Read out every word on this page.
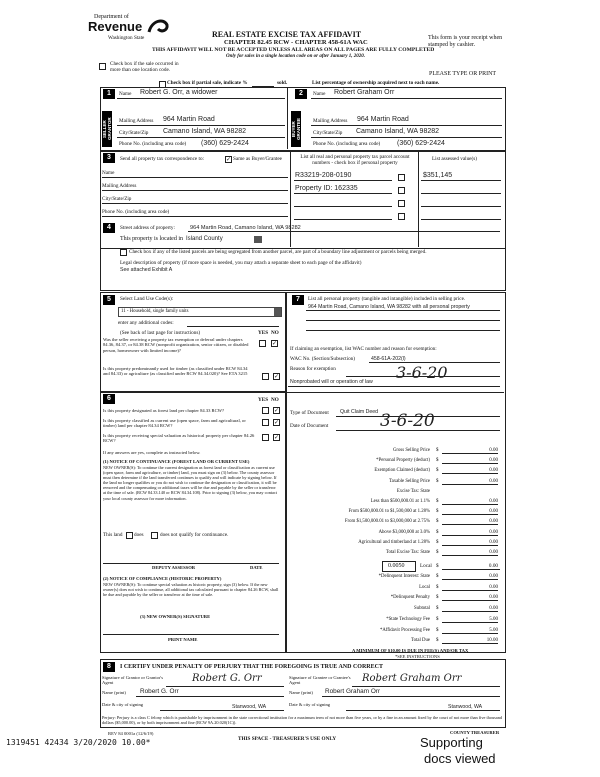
Department of
Revenue
Washington State	REAL ESTATE EXCISE TAX AFFIDAVIT
CHAPTER 82.45 RCW - CHAPTER 458-61A WAC
THIS AFFIDAVIT WILL NOT BE ACCEPTED UNLESS ALL AREAS ON ALL PAGES ARE FULLY COMPLETED
Only for sales in a single location code on or after January 1, 2020.
This form is your receipt when stamped by cashier.
PLEASE TYPE OR PRINT
Check box if the sale occurred in more than one location code.
Check box if partial sale, indicate %	sold.	List percentage of ownership acquired next to each name.
1
SELLER GRANTOR
Name Robert G. Orr, a widower
Mailing Address 964 Martin Road
City/State/Zip Camano Island, WA 98282
Phone No. (including area code) (360) 629-2424
2
BUYER GRANTEE
Name Robert Graham Orr
Mailing Address 964 Martin Road
City/State/Zip Camano Island, WA 98282
Phone No. (including area code) (360) 629-2424
3	Send all property tax correspondence to:	✓ Same as Buyer/Grantee
Name
Mailing Address
City/State/Zip
Phone No. (including area code)
List all real and personal property tax parcel account numbers - check box if personal property
List assessed value(s)
R33219-208-0190	$351,145
Property ID: 162335
4	Street address of property:	964 Martin Road, Camano Island, WA 98282
This property is located in Island County
Check box if any of the listed parcels are being segregated from another parcel, are part of a boundary line adjustment or parcels being merged.
Legal description of property (if more space is needed, you may attach a separate sheet to each page of the affidavit)
See attached Exhibit A
5	Select Land Use Code(s):
11 - Household, single family units
enter any additional codes:
(See back of last page for instructions)	YES NO
Was the seller receiving a property tax exemption or deferral under chapters 84.36, 84.37, or 84.38 RCW (nonprofit organization, senior citizen, or disabled person, homeowner with limited income)?
✓
Is this property predominantly used for timber (as classified under RCW 84.34 and 84.33) or agriculture (as classified under RCW 84.34.020)? See ETA 3215	✓
6	YES NO
Is this property designated as forest land per chapter 84.33 RCW?	✓
Is this property classified as current use (open space, farm and agricultural, or timber) land per chapter 84.34 RCW?	✓
Is this property receiving special valuation as historical property per chapter 84.26 RCW?	✓
If any answers are yes, complete as instructed below.
(1) NOTICE OF CONTINUANCE (FOREST LAND OR CURRENT USE)
NEW OWNER(S): To continue the current designation as forest land or classification as current use (open space, farm and agriculture, or timber) land, you must sign on (3) below. The county assessor must then determine if the land transferred continues to qualify and will indicate by signing below. If the land no longer qualifies or you do not wish to continue the designation or classification, it will be removed and the compensating or additional taxes will be due and payable by the seller or transferor at the time of sale. (RCW 84.33.140 or RCW 84.34.108). Prior to signing (3) below, you may contact your local county assessor for more information.
This land does	does not qualify for continuance.
DEPUTY ASSESSOR	DATE
(2) NOTICE OF COMPLIANCE (HISTORIC PROPERTY)
NEW OWNER(S): To continue special valuation as historic property, sign (3) below. If the new owner(s) does not wish to continue, all additional tax calculated pursuant to chapter 84.26 RCW, shall be due and payable by the seller or transferor at the time of sale.
(3) NEW OWNER(S) SIGNATURE
PRINT NAME
7	List all personal property (tangible and intangible) included in selling price.
964 Martin Road, Camano Island, WA 98282 with all personal property
If claiming an exemption, list WAC number and reason for exemption:
WAC No. (Section/Subsection)	458-61A-202(l)
Reason for exemption	3-6-20
Nonprobated will or operation of law
Type of Document Quit Claim Deed
Date of Document	3-6-20
Gross Selling Price $	0.00
*Personal Property (deduct) $	0.00
Exemption Claimed (deduct) $	0.00
Taxable Selling Price $	0.00
Excise Tax: State
Less than $500,000.01 at 1.1% $	0.00
From $500,000.01 to $1,500,000 at 1.28% $	0.00
From $1,500,000.01 to $3,000,000 at 2.75% $	0.00
Above $3,000,000 at 3.0% $	0.00
Agricultural and timberland at 1.28% $	0.00
Total Excise Tax: State $	0.00
*Delinquent Interest: State $	0.00
Local $	0.00
*Delinquent Penalty $	0.00
Subtotal $	0.00
*State Technology Fee $	5.00
*Affidavit Processing Fee $	5.00
Total Due $	10.00
0.0050	Local $	0.00
A MINIMUM OF $10.00 IS DUE IN FEE(S) AND/OR TAX
*SEE INSTRUCTIONS
8	I CERTIFY UNDER PENALTY OF PERJURY THAT THE FOREGOING IS TRUE AND CORRECT
Signature of Grantor or Grantor's Agent	Robert G. Orr
Name (print) Robert G. Orr
Date & city of signing	Stanwood, WA
Signature of Grantee or Grantee's Agent	Robert Graham Orr
Name (print) Robert Graham Orr
Date & city of signing	Stanwood, WA
Perjury: Perjury is a class C felony which is punishable by imprisonment in the state correctional institution for a maximum term of not more than five years, or by a fine in an amount fixed by the court of not more than five thousand dollars ($5,000.00), or by both imprisonment and fine (RCW 9A.20.020(1C)).
1319451 42434 3/20/2020 10.00*
REV 84 0001a (12/6/19)
THIS SPACE - TREASURER'S USE ONLY
COUNTY TREASURER
Supporting
docs viewed
